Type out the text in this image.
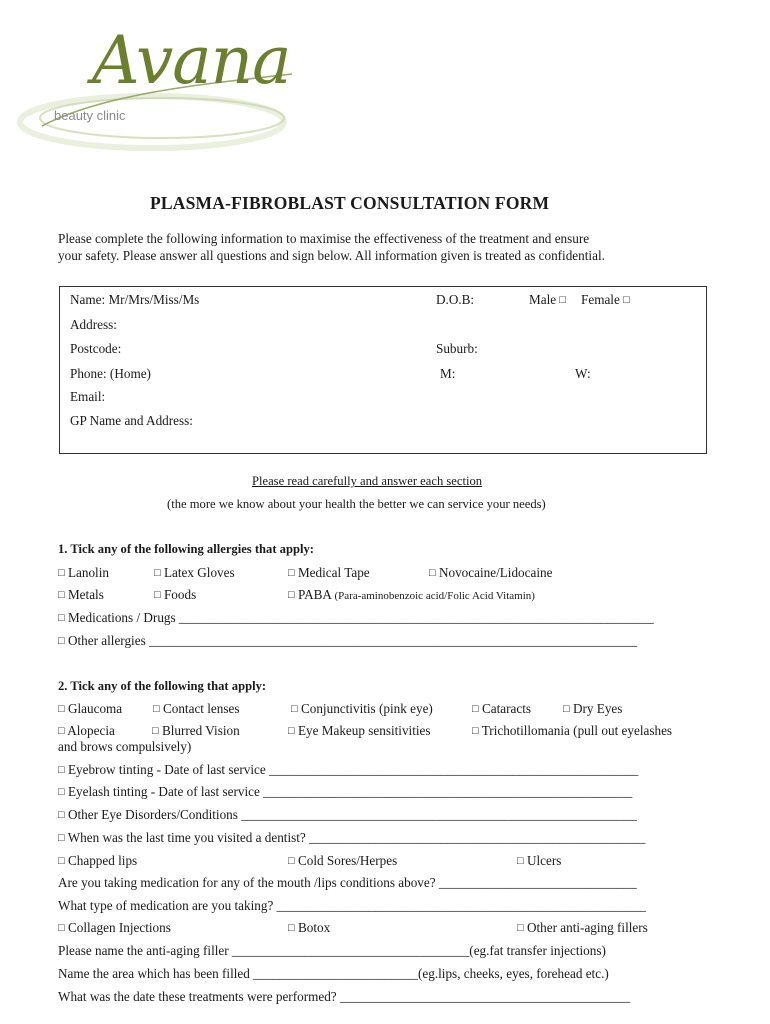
Avana
beauty clinic
PLASMA-FIBROBLAST CONSULTATION FORM
Please complete the following information to maximise the effectiveness of the treatment and ensure
your safety. Please answer all questions and sign below. All information given is treated as confidential.
Name: Mr/Mrs/Miss/Ms	D.O.B:	Male □ Female □
Address:
Postcode:	Suburb:
Phone: (Home)	M:	W:
Email:
GP Name and Address:
Please read carefully and answer each section
(the more we know about your health the better we can service your needs)
1. Tick any of the following allergies that apply:
□ Lanolin	□ Latex Gloves	□ Medical Tape	□ Novocaine/Lidocaine
□ Metals	□ Foods	□ PABA (Para-aminobenzoic acid/Folic Acid Vitamin)
□ Medications / Drugs ________________________________________________________________________
□ Other allergies __________________________________________________________________________
2. Tick any of the following that apply:
□ Glaucoma	□ Contact lenses	□ Conjunctivitis (pink eye)	□ Cataracts	□ Dry Eyes
□ Alopecia	□ Blurred Vision	□ Eye Makeup sensitivities	□ Trichotillomania (pull out eyelashes
and brows compulsively)
□ Eyebrow tinting - Date of last service ________________________________________________________
□ Eyelash tinting - Date of last service ________________________________________________________
□ Other Eye Disorders/Conditions ____________________________________________________________
□ When was the last time you visited a dentist? ___________________________________________________
□ Chapped lips	□ Cold Sores/Herpes	□ Ulcers
Are you taking medication for any of the mouth /lips conditions above? ______________________________
What type of medication are you taking? ________________________________________________________
□ Collagen Injections	□ Botox	□ Other anti-aging fillers
Please name the anti-aging filler ____________________________________(eg.fat transfer injections)
Name the area which has been filled _________________________(eg.lips, cheeks, eyes, forehead etc.)
What was the date these treatments were performed? ____________________________________________
